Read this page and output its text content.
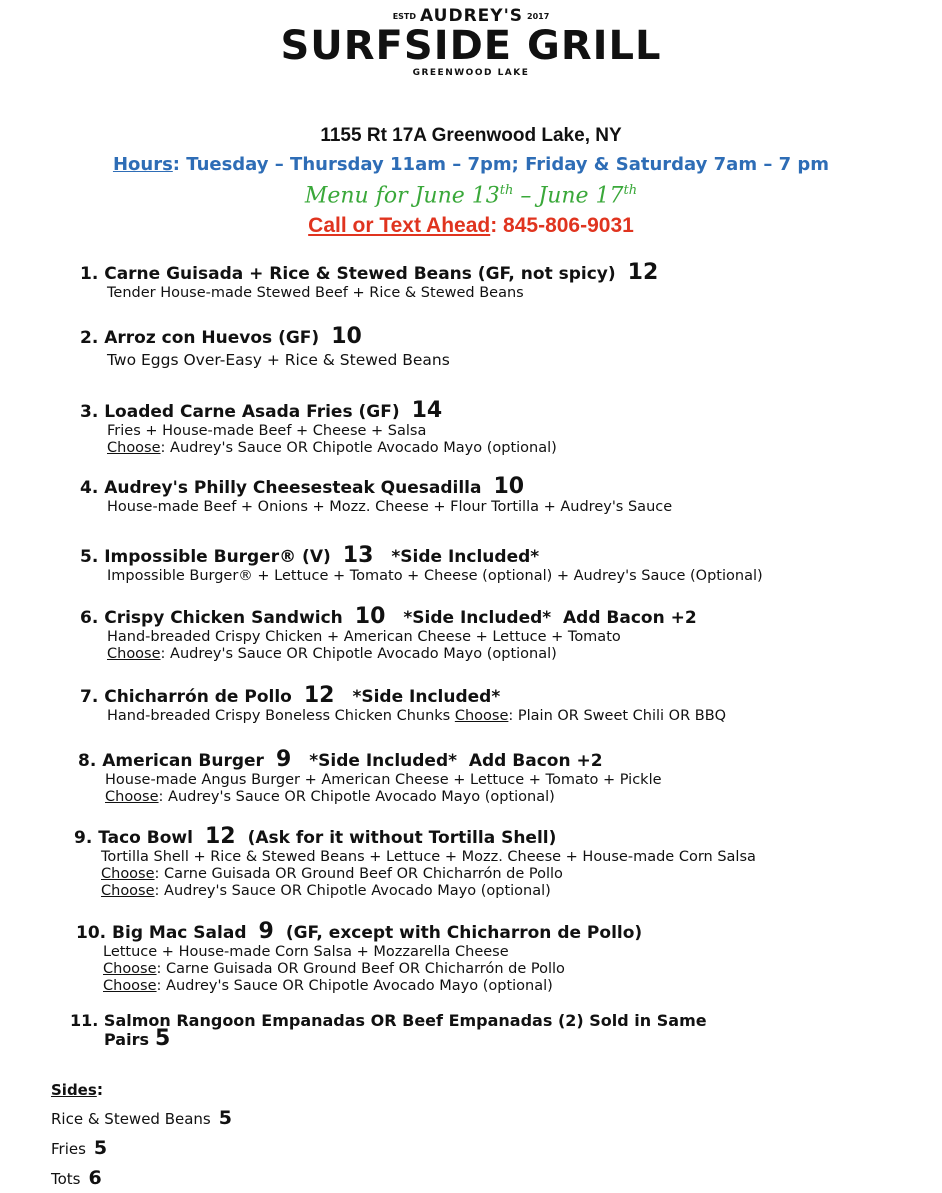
ESTD AUDREY'S 2017
SURFSIDE GRILL
GREENWOOD LAKE
1155 Rt 17A Greenwood Lake, NY
Hours: Tuesday – Thursday 11am – 7pm; Friday & Saturday 7am – 7 pm
Menu for June 13th – June 17th
Call or Text Ahead: 845-806-9031
1. Carne Guisada + Rice & Stewed Beans (GF, not spicy) 12
Tender House-made Stewed Beef + Rice & Stewed Beans
2. Arroz con Huevos (GF) 10
Two Eggs Over-Easy + Rice & Stewed Beans
3. Loaded Carne Asada Fries (GF) 14
Fries + House-made Beef + Cheese + Salsa
Choose: Audrey's Sauce OR Chipotle Avocado Mayo (optional)
4. Audrey's Philly Cheesesteak Quesadilla 10
House-made Beef + Onions + Mozz. Cheese + Flour Tortilla + Audrey's Sauce
5. Impossible Burger® (V) 13 *Side Included*
Impossible Burger® + Lettuce + Tomato + Cheese (optional) + Audrey's Sauce (Optional)
6. Crispy Chicken Sandwich 10 *Side Included*  Add Bacon +2
Hand-breaded Crispy Chicken + American Cheese + Lettuce + Tomato
Choose: Audrey's Sauce OR Chipotle Avocado Mayo (optional)
7. Chicharrón de Pollo 12 *Side Included*
Hand-breaded Crispy Boneless Chicken Chunks Choose: Plain OR Sweet Chili OR BBQ
8. American Burger 9 *Side Included*  Add Bacon +2
House-made Angus Burger + American Cheese + Lettuce + Tomato + Pickle
Choose: Audrey's Sauce OR Chipotle Avocado Mayo (optional)
9. Taco Bowl 12 (Ask for it without Tortilla Shell)
Tortilla Shell + Rice & Stewed Beans + Lettuce + Mozz. Cheese + House-made Corn Salsa
Choose: Carne Guisada OR Ground Beef OR Chicharrón de Pollo
Choose: Audrey's Sauce OR Chipotle Avocado Mayo (optional)
10. Big Mac Salad 9 (GF, except with Chicharron de Pollo)
Lettuce + House-made Corn Salsa + Mozzarella Cheese
Choose: Carne Guisada OR Ground Beef OR Chicharrón de Pollo
Choose: Audrey's Sauce OR Chipotle Avocado Mayo (optional)
11. Salmon Rangoon Empanadas OR Beef Empanadas (2) Sold in Same
Pairs 5
Sides:
Rice & Stewed Beans 5
Fries 5
Tots 6
